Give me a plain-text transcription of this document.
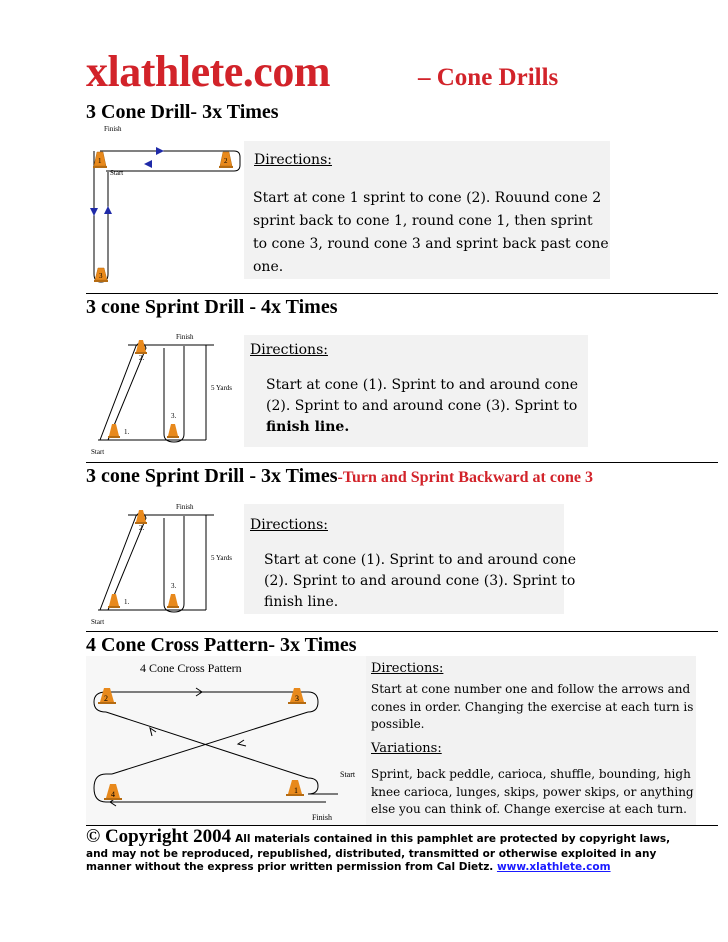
xlathlete.com	– Cone Drills
3 Cone Drill- 3x Times
Finish
Start
1	2
3
Directions:
Start at cone 1 sprint to cone (2). Rouund cone 2
sprint back to cone 1, round cone 1, then sprint
to cone 3, round cone 3 and sprint back past cone
one.
3 cone Sprint Drill - 4x Times
Finish
5 Yards
Start
1.
2.
3.
Directions:
Start at cone (1). Sprint to and around cone
(2). Sprint to and around cone (3). Sprint to
finish line.
3 cone Sprint Drill - 3x Times-Turn and Sprint Backward at cone 3
Finish
5 Yards
Start
1.
2.
3.
Directions:
Start at cone (1). Sprint to and around cone
(2). Sprint to and around cone (3). Sprint to
finish line.
4 Cone Cross Pattern- 3x Times
4 Cone Cross Pattern
2	3
4	1
Start
Finish
Directions:
Start at cone number one and follow the arrows and
cones in order. Changing the exercise at each turn is
possible.
Variations:
Sprint, back peddle, carioca, shuffle, bounding, high
knee carioca, lunges, skips, power skips, or anything
else you can think of. Change exercise at each turn.
© Copyright 2004 All materials contained in this pamphlet are protected by copyright laws,
and may not be reproduced, republished, distributed, transmitted or otherwise exploited in any
manner without the express prior written permission from Cal Dietz. www.xlathlete.com
